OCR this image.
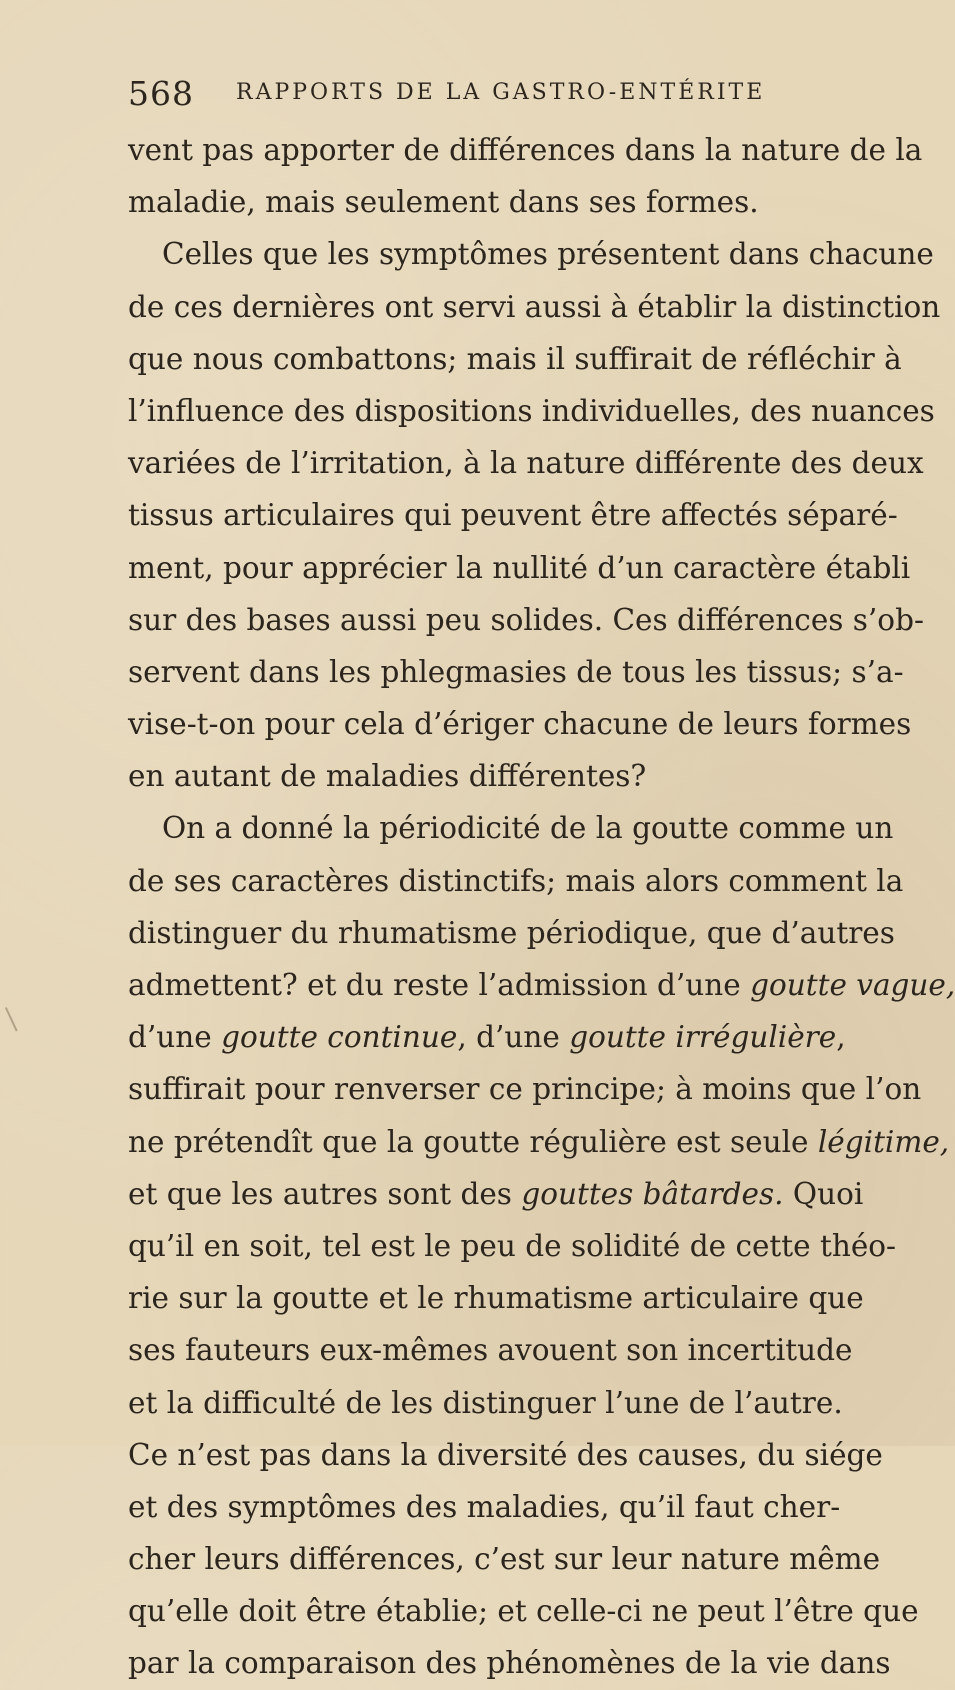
568 RAPPORTS DE LA GASTRO-ENTÉRITE
vent pas apporter de différences dans la nature de la
maladie, mais seulement dans ses formes.
Celles que les symptômes présentent dans chacune
de ces dernières ont servi aussi à établir la distinction
que nous combattons; mais il suffirait de réfléchir à
l’influence des dispositions individuelles, des nuances
variées de l’irritation, à la nature différente des deux
tissus articulaires qui peuvent être affectés séparé-
ment, pour apprécier la nullité d’un caractère établi
sur des bases aussi peu solides. Ces différences s’ob-
servent dans les phlegmasies de tous les tissus; s’a-
vise-t-on pour cela d’ériger chacune de leurs formes
en autant de maladies différentes?
On a donné la périodicité de la goutte comme un
de ses caractères distinctifs; mais alors comment la
distinguer du rhumatisme périodique, que d’autres
admettent? et du reste l’admission d’une goutte vague,
d’une goutte continue, d’une goutte irrégulière,
suffirait pour renverser ce principe; à moins que l’on
ne prétendît que la goutte régulière est seule légitime,
et que les autres sont des gouttes bâtardes. Quoi
qu’il en soit, tel est le peu de solidité de cette théo-
rie sur la goutte et le rhumatisme articulaire que
ses fauteurs eux-mêmes avouent son incertitude
et la difficulté de les distinguer l’une de l’autre.
Ce n’est pas dans la diversité des causes, du siége
et des symptômes des maladies, qu’il faut cher-
cher leurs différences, c’est sur leur nature même
qu’elle doit être établie; et celle-ci ne peut l’être que
par la comparaison des phénomènes de la vie dans
